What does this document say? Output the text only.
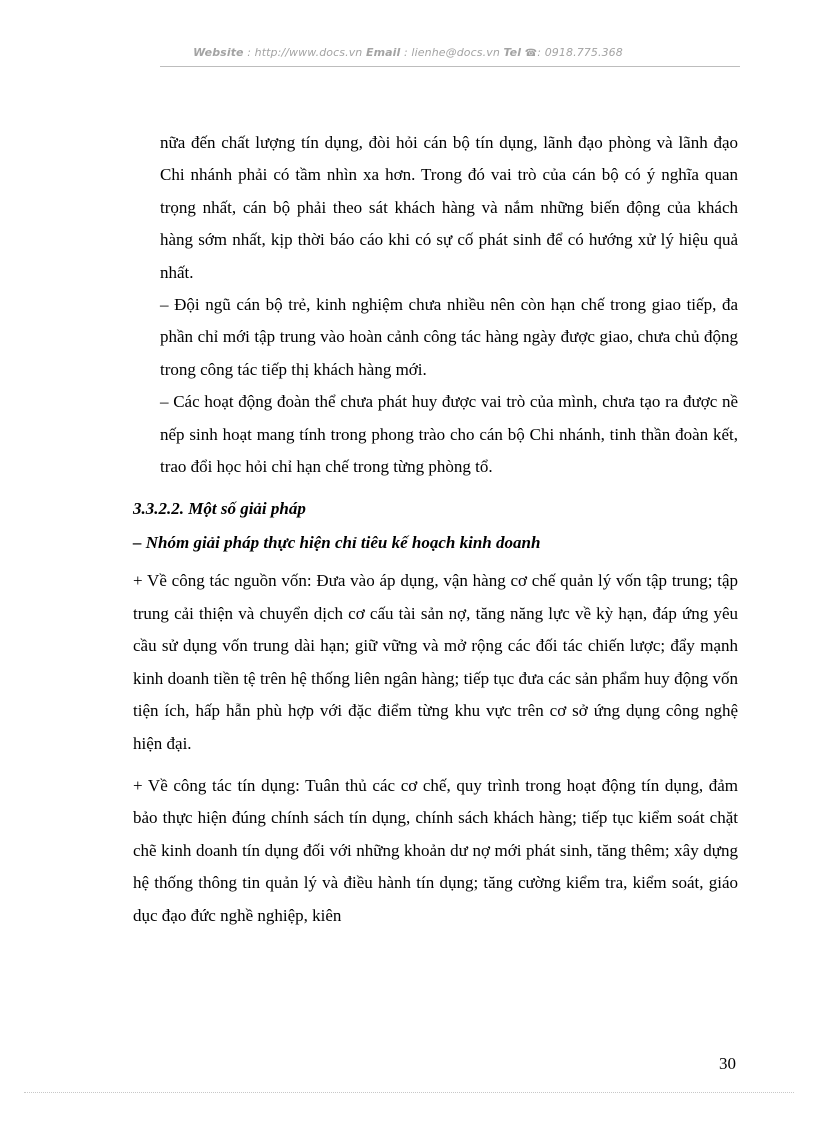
Website : http://www.docs.vn Email : lienhe@docs.vn Tel ☎: 0918.775.368

nữa đến chất lượng tín dụng, đòi hỏi cán bộ tín dụng, lãnh đạo phòng và lãnh đạo Chi nhánh phải có tầm nhìn xa hơn. Trong đó vai trò của cán bộ có ý nghĩa quan trọng nhất, cán bộ phải theo sát khách hàng và nắm những biến động của khách hàng sớm nhất, kịp thời báo cáo khi có sự cố phát sinh để có hướng xử lý hiệu quả nhất.

– Đội ngũ cán bộ trẻ, kinh nghiệm chưa nhiều nên còn hạn chế trong giao tiếp, đa phần chỉ mới tập trung vào hoàn cảnh công tác hàng ngày được giao, chưa chủ động trong công tác tiếp thị khách hàng mới.

– Các hoạt động đoàn thể chưa phát huy được vai trò của mình, chưa tạo ra được nề nếp sinh hoạt mang tính trong phong trào cho cán bộ Chi nhánh, tinh thần đoàn kết, trao đổi học hỏi chỉ hạn chế trong từng phòng tổ.

3.3.2.2. Một số giải pháp
– Nhóm giải pháp thực hiện chỉ tiêu kế hoạch kinh doanh

+ Về công tác nguồn vốn: Đưa vào áp dụng, vận hàng cơ chế quản lý vốn tập trung; tập trung cải thiện và chuyển dịch cơ cấu tài sản nợ, tăng năng lực về kỳ hạn, đáp ứng yêu cầu sử dụng vốn trung dài hạn; giữ vững và mở rộng các đối tác chiến lược; đẩy mạnh kinh doanh tiền tệ trên hệ thống liên ngân hàng; tiếp tục đưa các sản phẩm huy động vốn tiện ích, hấp hẫn phù hợp với đặc điểm từng khu vực trên cơ sở ứng dụng công nghệ hiện đại.

+ Về công tác tín dụng: Tuân thủ các cơ chế, quy trình trong hoạt động tín dụng, đảm bảo thực hiện đúng chính sách tín dụng, chính sách khách hàng; tiếp tục kiểm soát chặt chẽ kinh doanh tín dụng đối với những khoản dư nợ mới phát sinh, tăng thêm; xây dựng hệ thống thông tin quản lý và điều hành tín dụng; tăng cường kiểm tra, kiểm soát, giáo dục đạo đức nghề nghiệp, kiên

30
